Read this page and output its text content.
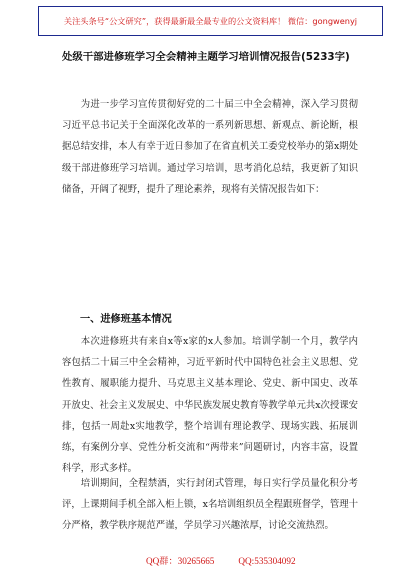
关注头条号“公文研究”，获得最新最全最专业的公文资料库！ 微信：gongwenyj
处级干部进修班学习全会精神主题学习培训情况报告(5233字)
为进一步学习宣传贯彻好党的二十届三中全会精神，深入学习贯彻习近平总书记关于全面深化改革的一系列新思想、新观点、新论断，根据总结安排，本人有幸于近日参加了在省直机关工委党校举办的第x期处级干部进修班学习培训。通过学习培训，思考消化总结，我更新了知识储备，开阔了视野，提升了理论素养，现将有关情况报告如下：
一、进修班基本情况
本次进修班共有来自x等x家的x人参加。培训学制一个月，教学内容包括二十届三中全会精神，习近平新时代中国特色社会主义思想、党性教育、履职能力提升、马克思主义基本理论、党史、新中国史、改革开放史、社会主义发展史、中华民族发展史教育等教学单元共x次授课安排，包括一周赴x实地教学，整个培训有理论教学、现场实践、拓展训练，有案例分享、党性分析交流和“两带来”问题研讨，内容丰富，设置科学，形式多样。
培训期间，全程禁酒，实行封闭式管理，每日实行学员量化积分考评，上课期间手机全部入柜上锁，x名培训组织员全程跟班督学，管理十分严格，教学秩序规范严谨，学员学习兴趣浓厚，讨论交流热烈。
QQ群：30265665	QQ:535304092
